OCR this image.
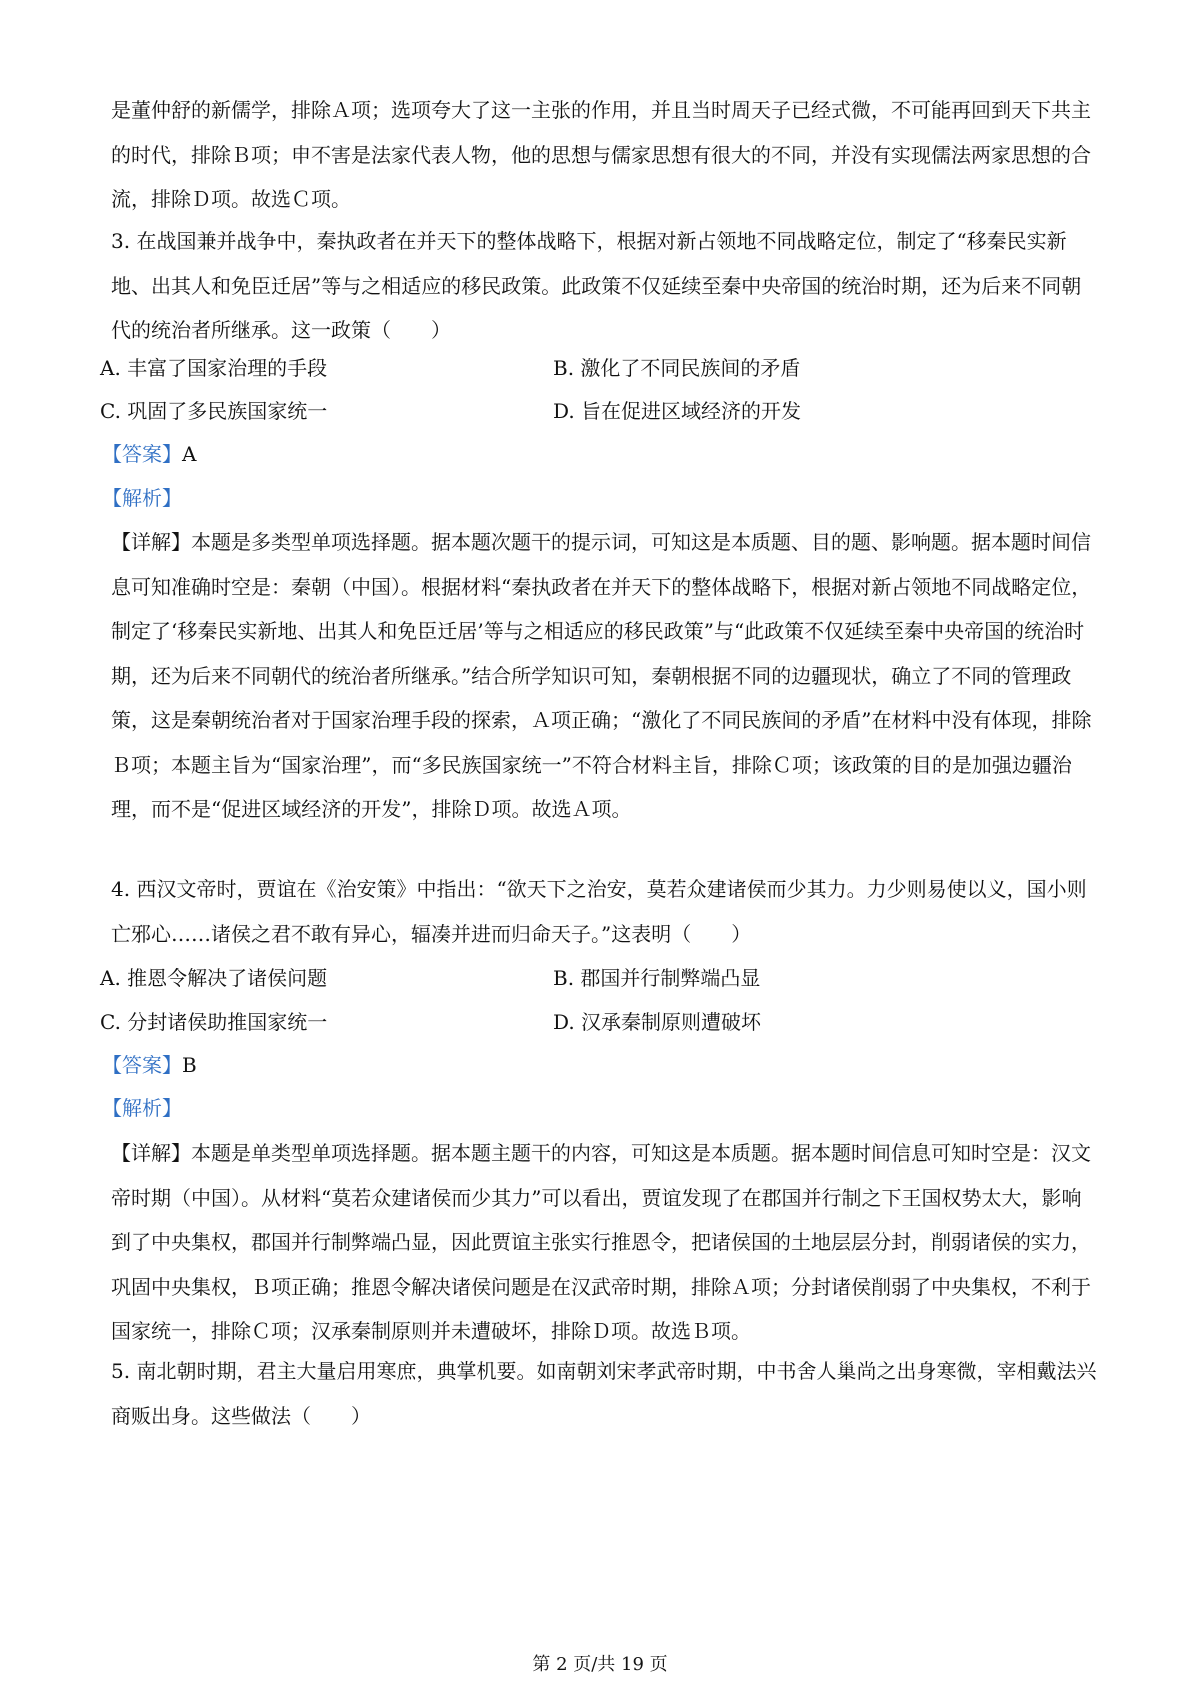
是董仲舒的新儒学，排除Ａ项；选项夸大了这一主张的作用，并且当时周天子已经式微，不可能再回到天下共主的时代，排除Ｂ项；申不害是法家代表人物，他的思想与儒家思想有很大的不同，并没有实现儒法两家思想的合流，排除Ｄ项。故选Ｃ项。

3. 在战国兼并战争中，秦执政者在并天下的整体战略下，根据对新占领地不同战略定位，制定了“移秦民实新地、出其人和免臣迁居”等与之相适应的移民政策。此政策不仅延续至秦中央帝国的统治时期，还为后来不同朝代的统治者所继承。这一政策（　　）

A. 丰富了国家治理的手段	B. 激化了不同民族间的矛盾
C. 巩固了多民族国家统一	D. 旨在促进区域经济的开发
【答案】A
【解析】

【详解】本题是多类型单项选择题。据本题次题干的提示词，可知这是本质题、目的题、影响题。据本题时间信息可知准确时空是：秦朝（中国）。根据材料“秦执政者在并天下的整体战略下，根据对新占领地不同战略定位，制定了‘移秦民实新地、出其人和免臣迁居’等与之相适应的移民政策”与“此政策不仅延续至秦中央帝国的统治时期，还为后来不同朝代的统治者所继承。”结合所学知识可知，秦朝根据不同的边疆现状，确立了不同的管理政策，这是秦朝统治者对于国家治理手段的探索，Ａ项正确；“激化了不同民族间的矛盾”在材料中没有体现，排除Ｂ项；本题主旨为“国家治理”，而“多民族国家统一”不符合材料主旨，排除Ｃ项；该政策的目的是加强边疆治理，而不是“促进区域经济的开发”，排除Ｄ项。故选Ａ项。

4. 西汉文帝时，贾谊在《治安策》中指出：“欲天下之治安，莫若众建诸侯而少其力。力少则易使以义，国小则亡邪心……诸侯之君不敢有异心，辐凑并进而归命天子。”这表明（　　）

A. 推恩令解决了诸侯问题	B. 郡国并行制弊端凸显
C. 分封诸侯助推国家统一	D. 汉承秦制原则遭破坏
【答案】B
【解析】

【详解】本题是单类型单项选择题。据本题主题干的内容，可知这是本质题。据本题时间信息可知时空是：汉文帝时期（中国）。从材料“莫若众建诸侯而少其力”可以看出，贾谊发现了在郡国并行制之下王国权势太大，影响到了中央集权，郡国并行制弊端凸显，因此贾谊主张实行推恩令，把诸侯国的土地层层分封，削弱诸侯的实力，巩固中央集权，Ｂ项正确；推恩令解决诸侯问题是在汉武帝时期，排除Ａ项；分封诸侯削弱了中央集权，不利于国家统一，排除Ｃ项；汉承秦制原则并未遭破坏，排除Ｄ项。故选Ｂ项。

5. 南北朝时期，君主大量启用寒庶，典掌机要。如南朝刘宋孝武帝时期，中书舍人巢尚之出身寒微，宰相戴法兴商贩出身。这些做法（　　）

第 2 页/共 19 页
